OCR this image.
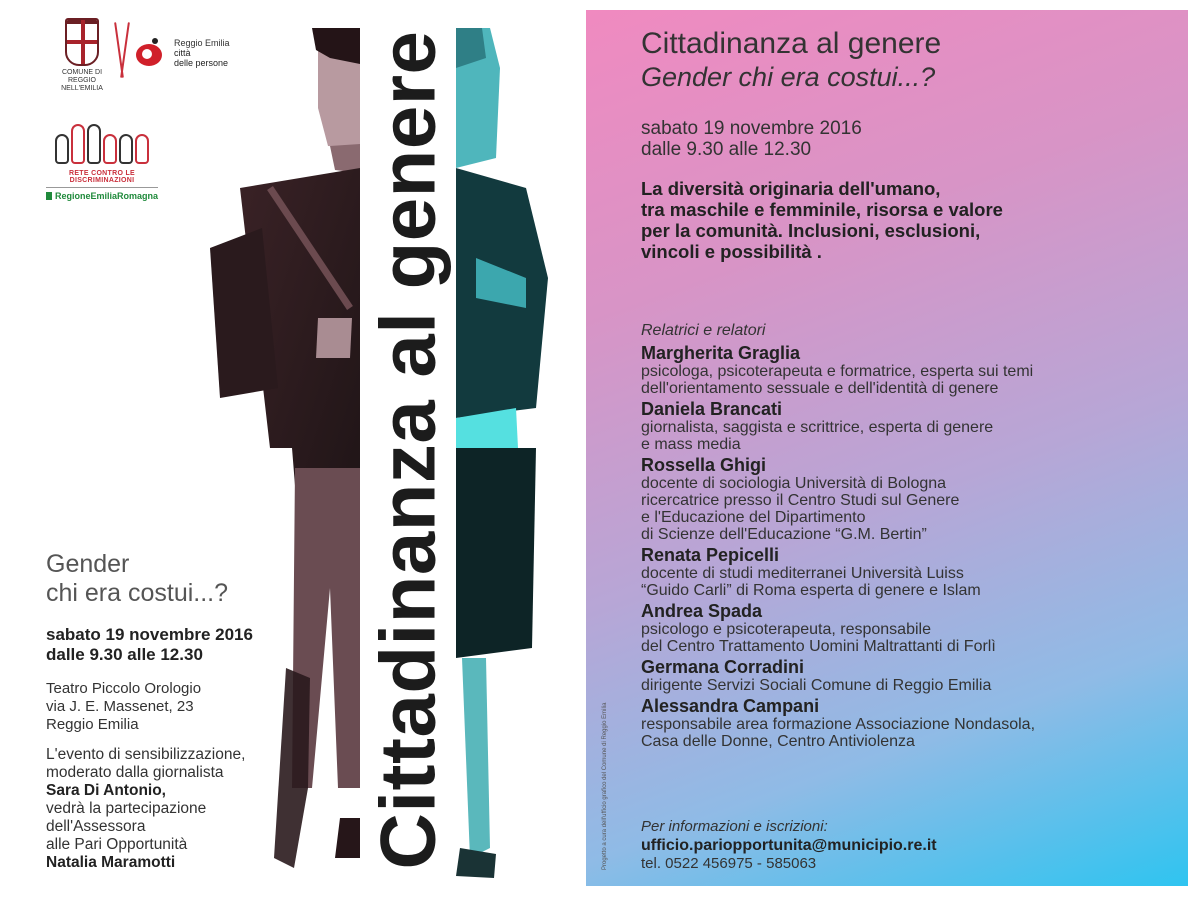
COMUNE DI REGGIO NELL'EMILIA
Reggio Emilia
città
delle persone
RETE CONTRO LE DISCRIMINAZIONI
RegioneEmiliaRomagna	Cittadinanza al genere
Gender
chi era costui...?
sabato 19 novembre 2016
dalle 9.30 alle 12.30
Teatro Piccolo Orologio
via J. E. Massenet, 23
Reggio Emilia
L'evento di sensibilizzazione,
moderato dalla giornalista
Sara Di Antonio,
vedrà la partecipazione
dell'Assessora
alle Pari Opportunità
Natalia Maramotti
Cittadinanza al genere
Gender chi era costui...?
sabato 19 novembre 2016
dalle 9.30 alle 12.30
La diversità originaria dell'umano,
tra maschile e femminile, risorsa e valore
per la comunità. Inclusioni, esclusioni,
vincoli e possibilità .
Relatrici e relatori
Margherita Graglia
psicologa, psicoterapeuta e formatrice, esperta sui temi
dell'orientamento sessuale e dell'identità di genere
Daniela Brancati
giornalista, saggista e scrittrice, esperta di genere
e mass media
Rossella Ghigi
docente di sociologia Università di Bologna
ricercatrice presso il Centro Studi sul Genere
e l'Educazione del Dipartimento
di Scienze dell'Educazione “G.M. Bertin”
Renata Pepicelli
docente di studi mediterranei Università Luiss
“Guido Carli” di Roma esperta di genere e Islam
Andrea Spada
psicologo e psicoterapeuta, responsabile
del Centro Trattamento Uomini Maltrattanti di Forlì
Germana Corradini
dirigente Servizi Sociali Comune di Reggio Emilia
Alessandra Campani
responsabile area formazione Associazione Nondasola,
Casa delle Donne, Centro Antiviolenza
Per informazioni e iscrizioni:
ufficio.pariopportunita@municipio.re.it
tel. 0522 456975 - 585063
Progetto a cura dell'ufficio grafico del Comune di Reggio Emilia
